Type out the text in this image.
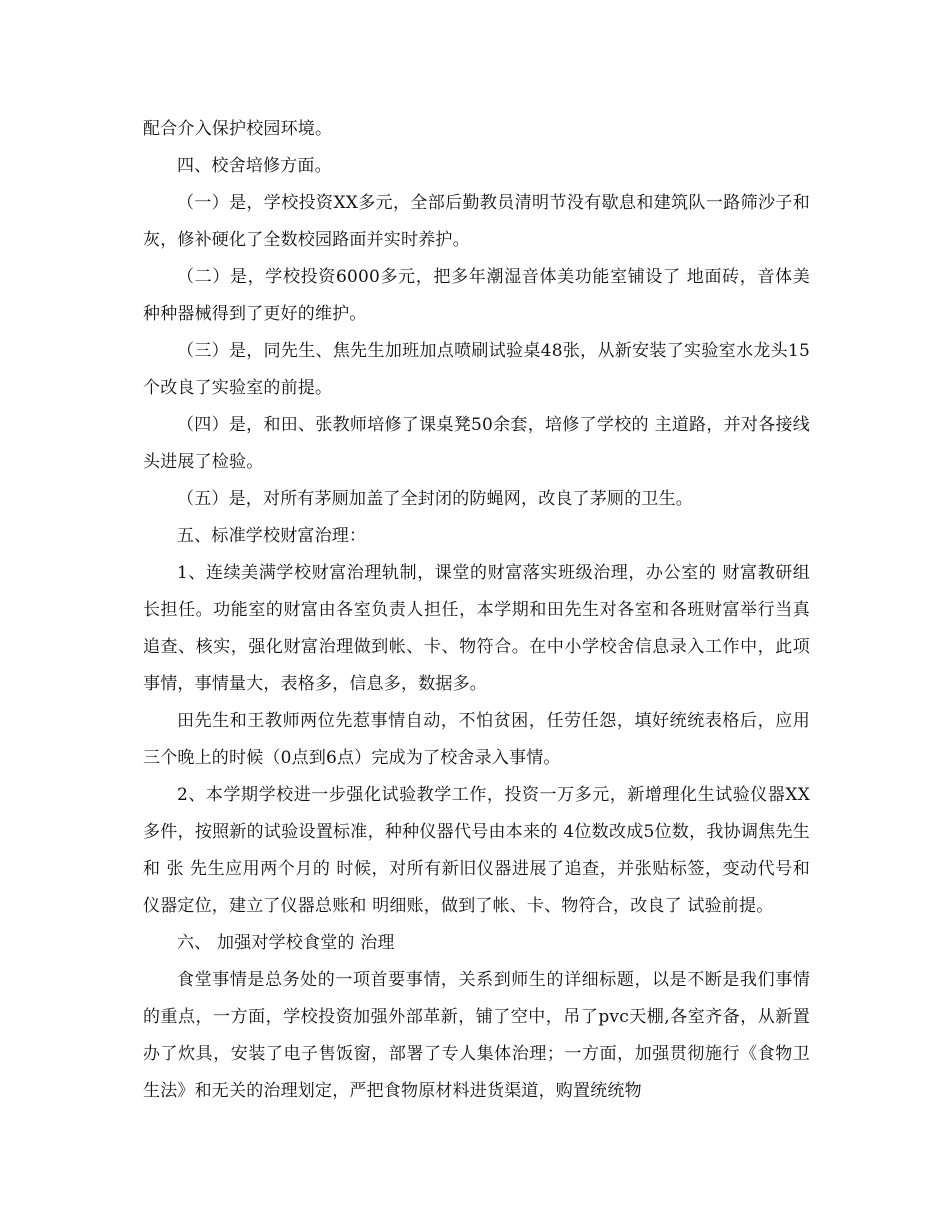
配合介入保护校园环境。

四、校舍培修方面。

（一）是，学校投资XX多元，全部后勤教员清明节没有歇息和建筑队一路筛沙子和灰，修补硬化了全数校园路面并实时养护。

（二）是，学校投资6000多元，把多年潮湿音体美功能室铺设了 地面砖，音体美种种器械得到了更好的维护。

（三）是，同先生、焦先生加班加点喷刷试验桌48张，从新安装了实验室水龙头15个改良了实验室的前提。

（四）是，和田、张教师培修了课桌凳50余套，培修了学校的 主道路，并对各接线头进展了检验。

（五）是，对所有茅厕加盖了全封闭的防蝇网，改良了茅厕的卫生。

五、标准学校财富治理：

1、连续美满学校财富治理轨制，课堂的财富落实班级治理，办公室的 财富教研组长担任。功能室的财富由各室负责人担任，本学期和田先生对各室和各班财富举行当真追查、核实，强化财富治理做到帐、卡、物符合。在中小学校舍信息录入工作中，此项事情，事情量大，表格多，信息多，数据多。

田先生和王教师两位先惹事情自动，不怕贫困，任劳任怨，填好统统表格后，应用三个晚上的时候（0点到6点）完成为了校舍录入事情。

2、本学期学校进一步强化试验教学工作，投资一万多元，新增理化生试验仪器XX多件，按照新的试验设置标准，种种仪器代号由本来的 4位数改成5位数，我协调焦先生和 张 先生应用两个月的 时候，对所有新旧仪器进展了追查，并张贴标签，变动代号和仪器定位，建立了仪器总账和 明细账，做到了帐、卡、物符合，改良了 试验前提。

六、 加强对学校食堂的 治理

食堂事情是总务处的一项首要事情，关系到师生的详细标题，以是不断是我们事情的重点，一方面，学校投资加强外部革新，铺了空中，吊了pvc天棚,各室齐备，从新置办了炊具，安装了电子售饭窗，部署了专人集体治理；一方面，加强贯彻施行《食物卫生法》和无关的治理划定，严把食物原材料进货渠道，购置统统物
